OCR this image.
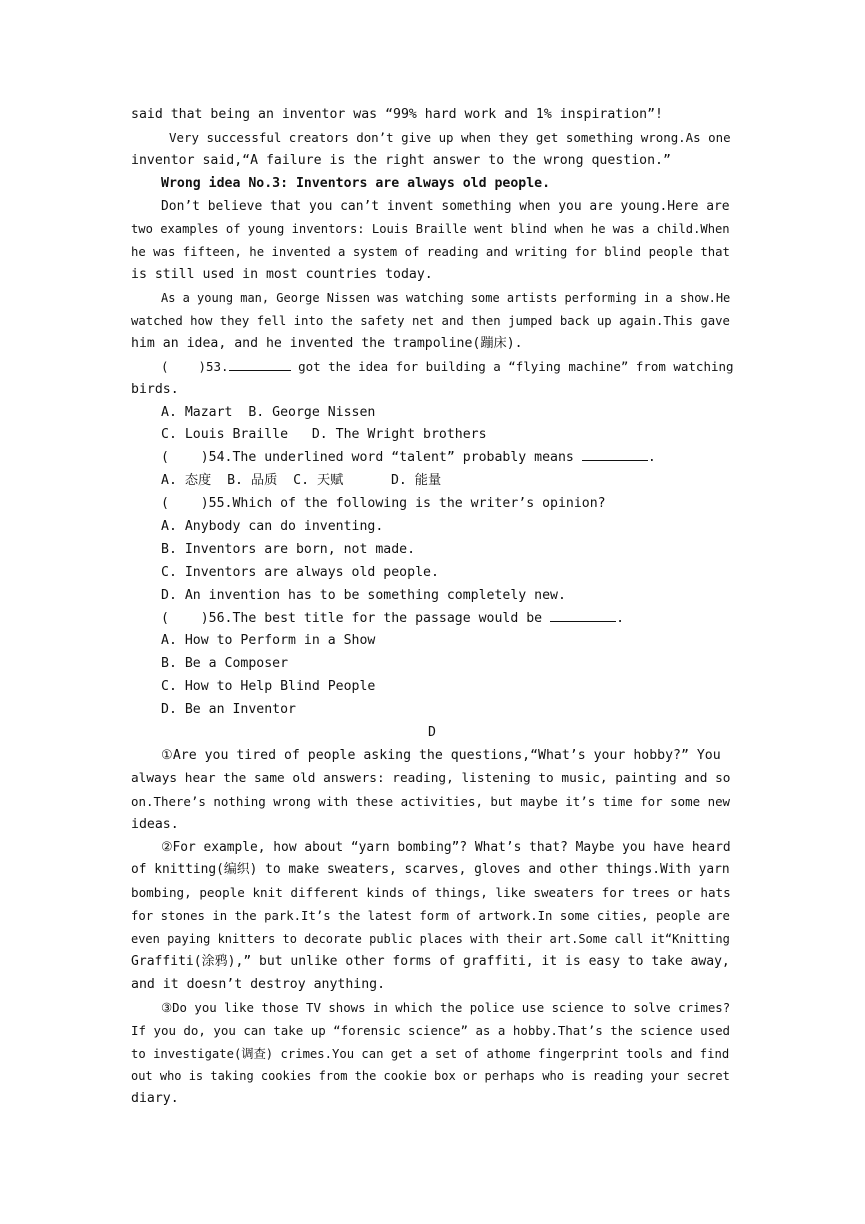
said that being an inventor was “99% hard work and 1% inspiration”!
Very successful creators don’t give up when they get something wrong.As one
inventor said,“A failure is the right answer to the wrong question.”
Wrong idea No.3: Inventors are always old people.
Don’t believe that you can’t invent something when you are young.Here are
two examples of young inventors: Louis Braille went blind when he was a child.When
he was fifteen, he invented a system of reading and writing for blind people that
is still used in most countries today.
As a young man, George Nissen was watching some artists performing in a show.He
watched how they fell into the safety net and then jumped back up again.This gave
him an idea, and he invented the trampoline(蹦床).
(    )53.	got the idea for building a “flying machine” from watching
birds.
A. Mazart  B. George Nissen
C. Louis Braille   D. The Wright brothers
(    )54.The underlined word “talent” probably means	.
A. 态度  B. 品质  C. 天赋      D. 能量
(    )55.Which of the following is the writer’s opinion?
A. Anybody can do inventing.
B. Inventors are born, not made.
C. Inventors are always old people.
D. An invention has to be something completely new.
(    )56.The best title for the passage would be	.
A. How to Perform in a Show
B. Be a Composer
C. How to Help Blind People
D. Be an Inventor
D
①Are you tired of people asking the questions,“What’s your hobby?” You
always hear the same old answers: reading, listening to music, painting and so
on.There’s nothing wrong with these activities, but maybe it’s time for some new
ideas.
②For example, how about “yarn bombing”? What’s that? Maybe you have heard
of knitting(编织) to make sweaters, scarves, gloves and other things.With yarn
bombing, people knit different kinds of things, like sweaters for trees or hats
for stones in the park.It’s the latest form of artwork.In some cities, people are
even paying knitters to decorate public places with their art.Some call it“Knitting
Graffiti(涂鸦),” but unlike other forms of graffiti, it is easy to take away,
and it doesn’t destroy anything.
③Do you like those TV shows in which the police use science to solve crimes?
If you do, you can take up “forensic science” as a hobby.That’s the science used
to investigate(调查) crimes.You can get a set of athome fingerprint tools and find
out who is taking cookies from the cookie box or perhaps who is reading your secret
diary.
